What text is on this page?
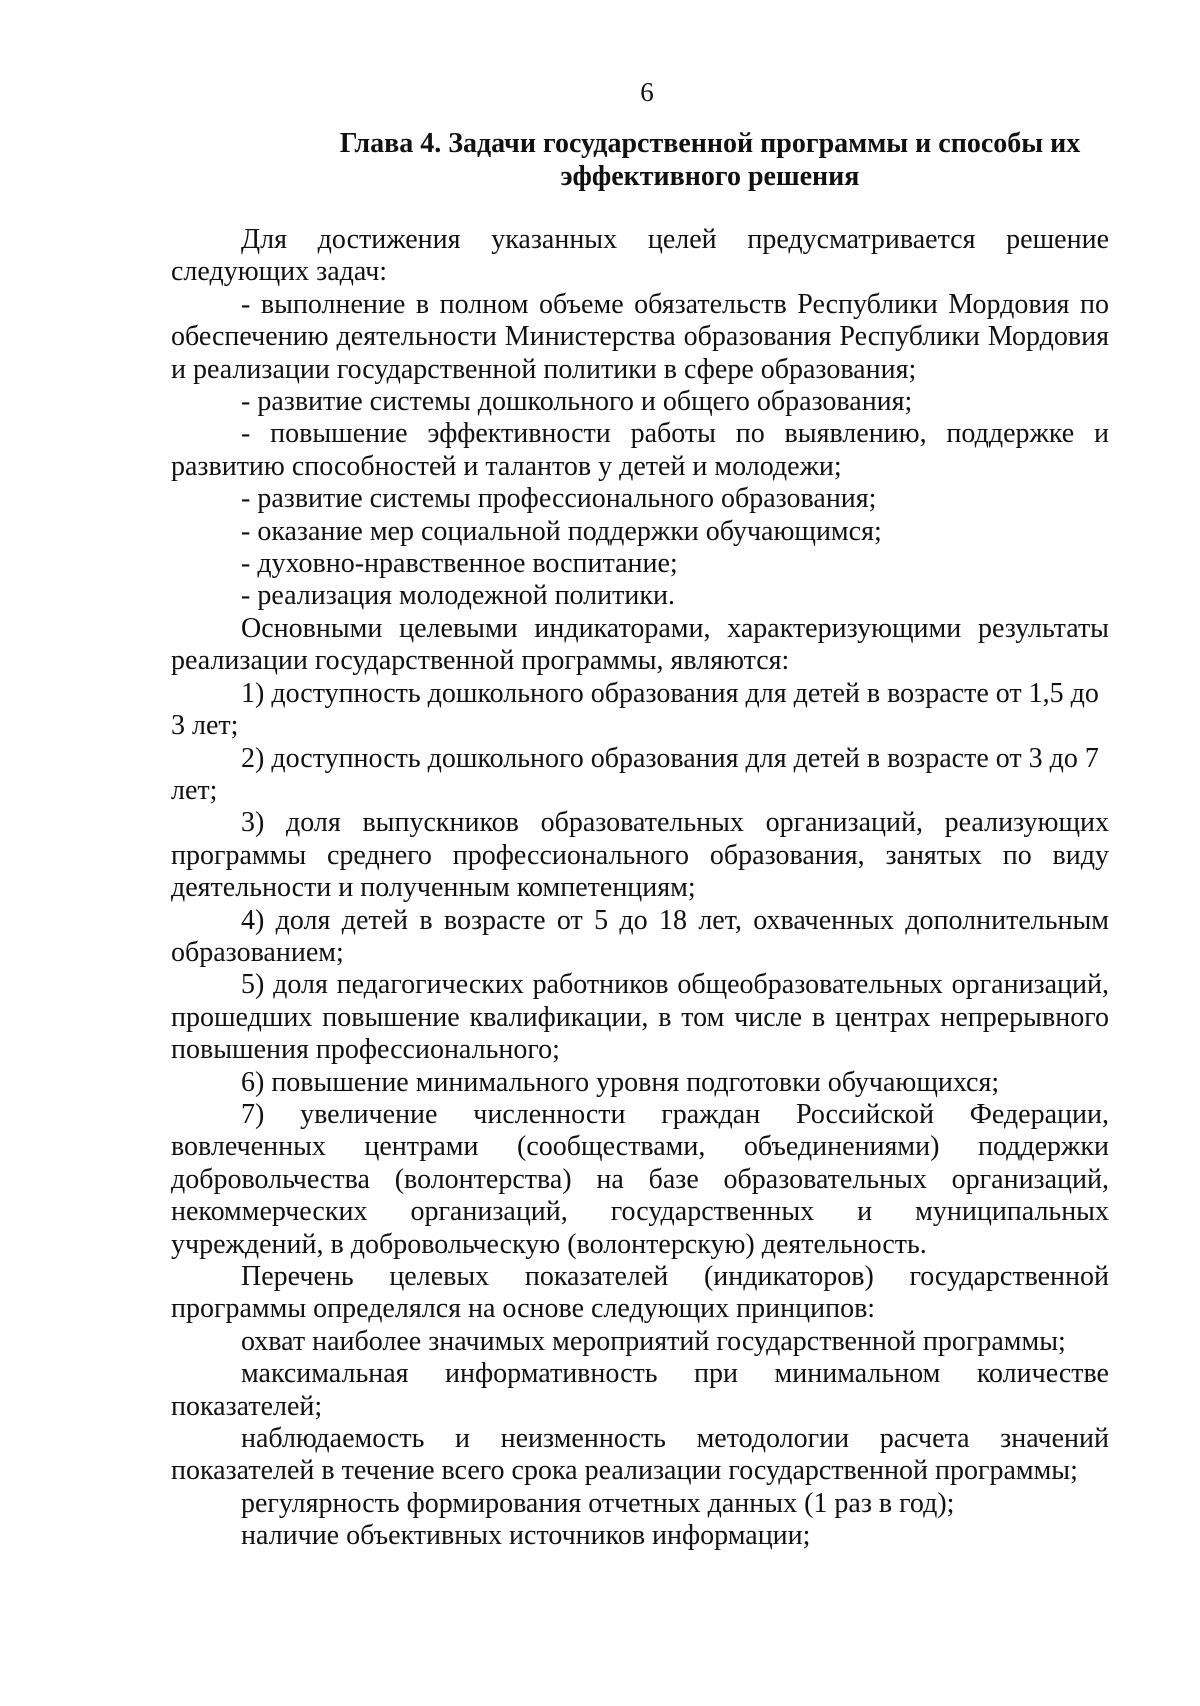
6
Глава 4. Задачи государственной программы и способы их
эффективного решения

Для достижения указанных целей предусматривается решение следующих задач:

- выполнение в полном объеме обязательств Республики Мордовия по обеспечению деятельности Министерства образования Республики Мордовия и реализации государственной политики в сфере образования;

- развитие системы дошкольного и общего образования;

- повышение эффективности работы по выявлению, поддержке и развитию способностей и талантов у детей и молодежи;

- развитие системы профессионального образования;

- оказание мер социальной поддержки обучающимся;

- духовно-нравственное воспитание;

- реализация молодежной политики.

Основными целевыми индикаторами, характеризующими результаты реализации государственной программы, являются:

1) доступность дошкольного образования для детей в возрасте от 1,5 до 3 лет;

2) доступность дошкольного образования для детей в возрасте от 3 до 7 лет;

3) доля выпускников образовательных организаций, реализующих программы среднего профессионального образования, занятых по виду деятельности и полученным компетенциям;

4) доля детей в возрасте от 5 до 18 лет, охваченных дополнительным образованием;

5) доля педагогических работников общеобразовательных организаций, прошедших повышение квалификации, в том числе в центрах непрерывного повышения профессионального;

6) повышение минимального уровня подготовки обучающихся;

7) увеличение численности граждан Российской Федерации, вовлеченных центрами (сообществами, объединениями) поддержки добровольчества (волонтерства) на базе образовательных организаций, некоммерческих организаций, государственных и муниципальных учреждений, в добровольческую (волонтерскую) деятельность.

Перечень целевых показателей (индикаторов) государственной программы определялся на основе следующих принципов:

охват наиболее значимых мероприятий государственной программы;

максимальная информативность при минимальном количестве показателей;

наблюдаемость и неизменность методологии расчета значений показателей в течение всего срока реализации государственной программы;

регулярность формирования отчетных данных (1 раз в год);

наличие объективных источников информации;
